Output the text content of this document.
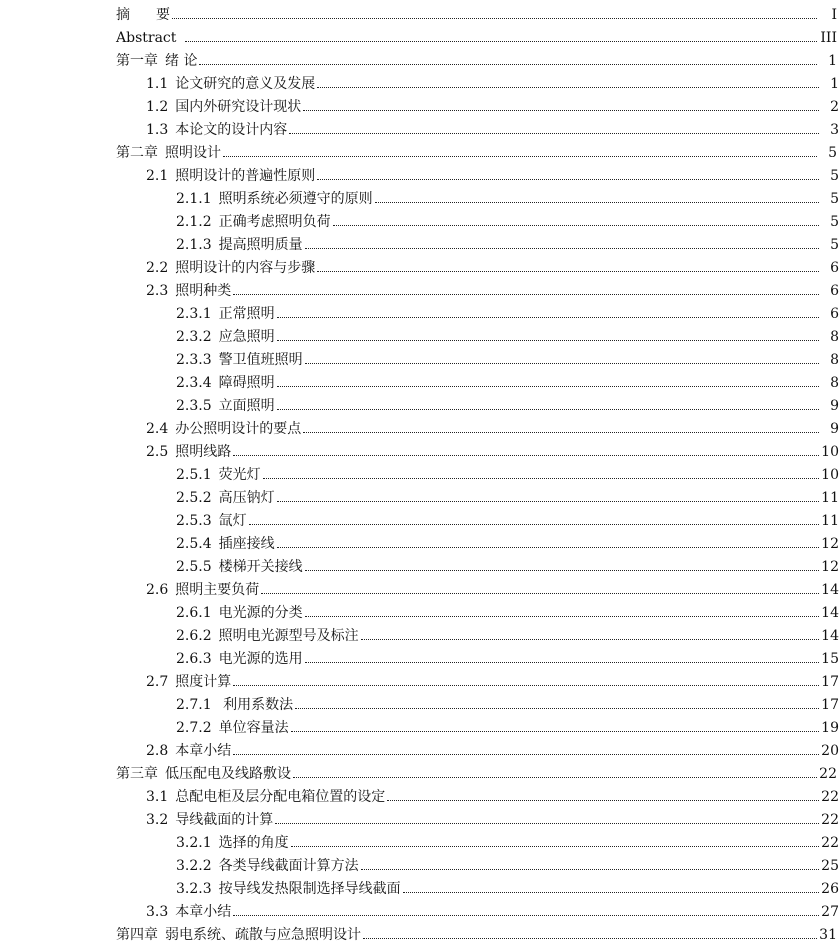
摘	要	I
Abstract	III
第一章 绪 论	1
1.1 论文研究的意义及发展	1
1.2 国内外研究设计现状	2
1.3 本论文的设计内容	3
第二章 照明设计	5
2.1 照明设计的普遍性原则	5
2.1.1 照明系统必须遵守的原则	5
2.1.2 正确考虑照明负荷	5
2.1.3 提高照明质量	5
2.2 照明设计的内容与步骤	6
2.3 照明种类	6
2.3.1 正常照明	6
2.3.2 应急照明	8
2.3.3 警卫值班照明	8
2.3.4 障碍照明	8
2.3.5 立面照明	9
2.4 办公照明设计的要点	9
2.5 照明线路	10
2.5.1 荧光灯	10
2.5.2 高压钠灯	11
2.5.3 氙灯	11
2.5.4 插座接线	12
2.5.5 楼梯开关接线	12
2.6 照明主要负荷	14
2.6.1 电光源的分类	14
2.6.2 照明电光源型号及标注	14
2.6.3 电光源的选用	15
2.7 照度计算	17
2.7.1 利用系数法	17
2.7.2 单位容量法	19
2.8 本章小结	20
第三章 低压配电及线路敷设	22
3.1 总配电柜及层分配电箱位置的设定	22
3.2 导线截面的计算	22
3.2.1 选择的角度	22
3.2.2 各类导线截面计算方法	25
3.2.3 按导线发热限制选择导线截面	26
3.3 本章小结	27
第四章 弱电系统、疏散与应急照明设计	31
